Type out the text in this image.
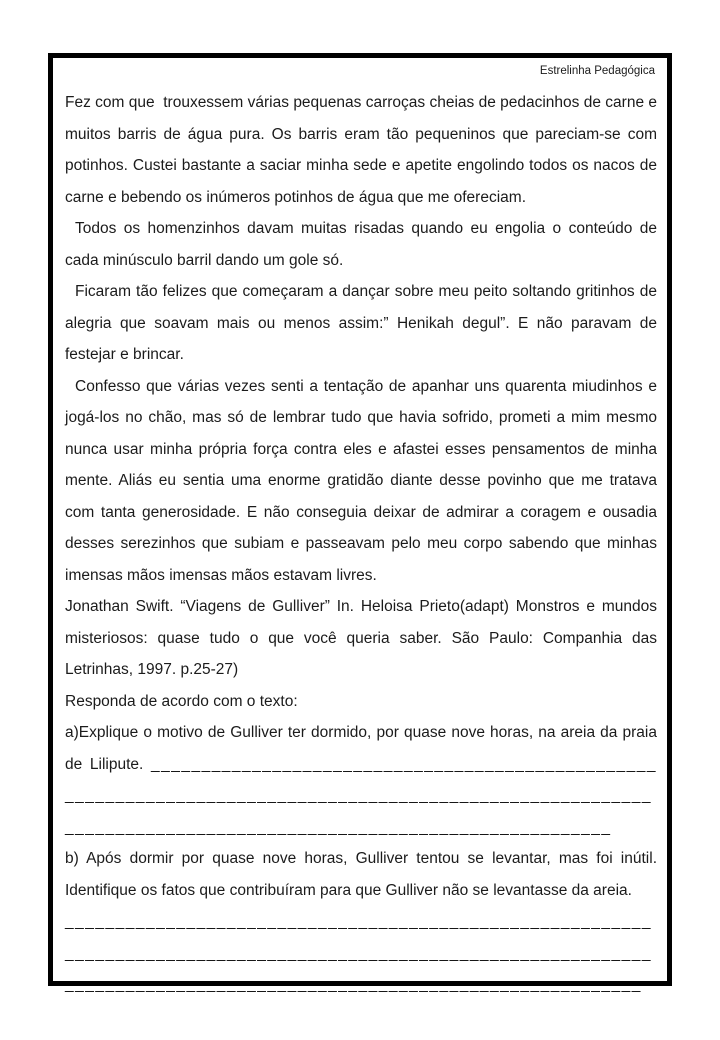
Estrelinha Pedagógica

Fez com que  trouxessem várias pequenas carroças cheias de pedacinhos de carne e muitos barris de água pura. Os barris eram tão pequeninos que pareciam-se com potinhos. Custei bastante a saciar minha sede e apetite engolindo todos os nacos de carne e bebendo os inúmeros potinhos de água que me ofereciam.

Todos os homenzinhos davam muitas risadas quando eu engolia o conteúdo de cada minúsculo barril dando um gole só.

Ficaram tão felizes que começaram a dançar sobre meu peito soltando gritinhos de alegria que soavam mais ou menos assim:” Henikah degul”. E não paravam de festejar e brincar.

Confesso que várias vezes senti a tentação de apanhar uns quarenta miudinhos e jogá-los no chão, mas só de lembrar tudo que havia sofrido, prometi a mim mesmo nunca usar minha própria força contra eles e afastei esses pensamentos de minha mente. Aliás eu sentia uma enorme gratidão diante desse povinho que me tratava com tanta generosidade. E não conseguia deixar de admirar a coragem e ousadia desses serezinhos que subiam e passeavam pelo meu corpo sabendo que minhas imensas mãos imensas mãos estavam livres.

Jonathan Swift. “Viagens de Gulliver” In. Heloisa Prieto(adapt) Monstros e mundos misteriosos: quase tudo o que você queria saber. São Paulo: Companhia das Letrinhas, 1997. p.25-27)

Responda de acordo com o texto:

a)Explique o motivo de Gulliver ter dormido, por quase nove horas, na areia da praia de Lilipute. __________________________________________________________________________________________________________________________________________________________________

b) Após dormir por quase nove horas, Gulliver tentou se levantar, mas foi inútil. Identifique os fatos que contribuíram para que Gulliver não se levantasse da areia.

_____________________________________________________________________________________________________________________________________________________________________________
